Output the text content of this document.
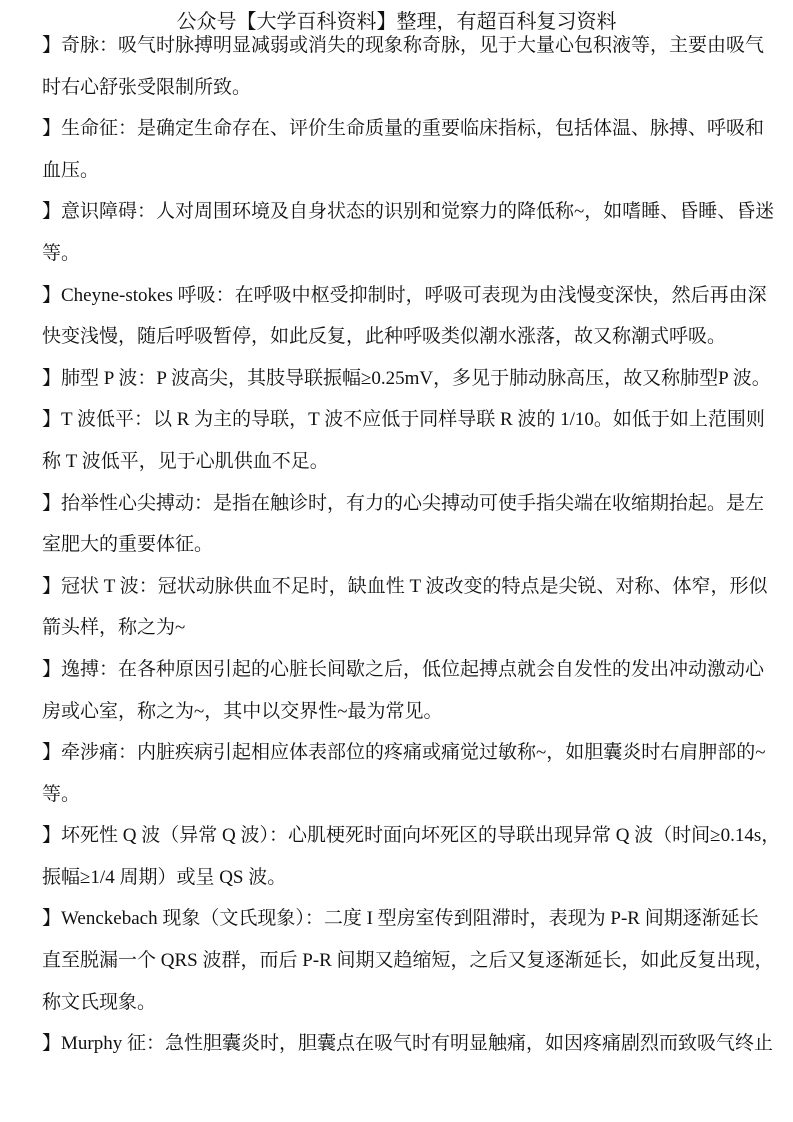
公众号【大学百科资料】整理，有超百科复习资料
】奇脉：吸气时脉搏明显减弱或消失的现象称奇脉，见于大量心包积液等，主要由吸气
时右心舒张受限制所致。
】生命征：是确定生命存在、评价生命质量的重要临床指标，包括体温、脉搏、呼吸和
血压。
】意识障碍：人对周围环境及自身状态的识别和觉察力的降低称~，如嗜睡、昏睡、昏迷
等。
】Cheyne-stokes 呼吸：在呼吸中枢受抑制时，呼吸可表现为由浅慢变深快，然后再由深
快变浅慢，随后呼吸暂停，如此反复，此种呼吸类似潮水涨落，故又称潮式呼吸。
】肺型 P 波：P 波高尖，其肢导联振幅≥0.25mV，多见于肺动脉高压，故又称肺型P 波。
】T 波低平：以 R 为主的导联，T 波不应低于同样导联 R 波的 1/10。如低于如上范围则
称 T 波低平，见于心肌供血不足。
】抬举性心尖搏动：是指在触诊时，有力的心尖搏动可使手指尖端在收缩期抬起。是左
室肥大的重要体征。
】冠状 T 波：冠状动脉供血不足时，缺血性 T 波改变的特点是尖锐、对称、体窄，形似
箭头样，称之为~
】逸搏：在各种原因引起的心脏长间歇之后，低位起搏点就会自发性的发出冲动激动心
房或心室，称之为~，其中以交界性~最为常见。
】牵涉痛：内脏疾病引起相应体表部位的疼痛或痛觉过敏称~，如胆囊炎时右肩胛部的~
等。
】坏死性 Q 波（异常 Q 波）：心肌梗死时面向坏死区的导联出现异常 Q 波（时间≥0.14s，
振幅≥1/4 周期）或呈 QS 波。
】Wenckebach 现象（文氏现象）：二度 I 型房室传到阻滞时，表现为 P-R 间期逐渐延长
直至脱漏一个 QRS 波群，而后 P-R 间期又趋缩短，之后又复逐渐延长，如此反复出现，
称文氏现象。
】Murphy 征：急性胆囊炎时，胆囊点在吸气时有明显触痛，如因疼痛剧烈而致吸气终止
